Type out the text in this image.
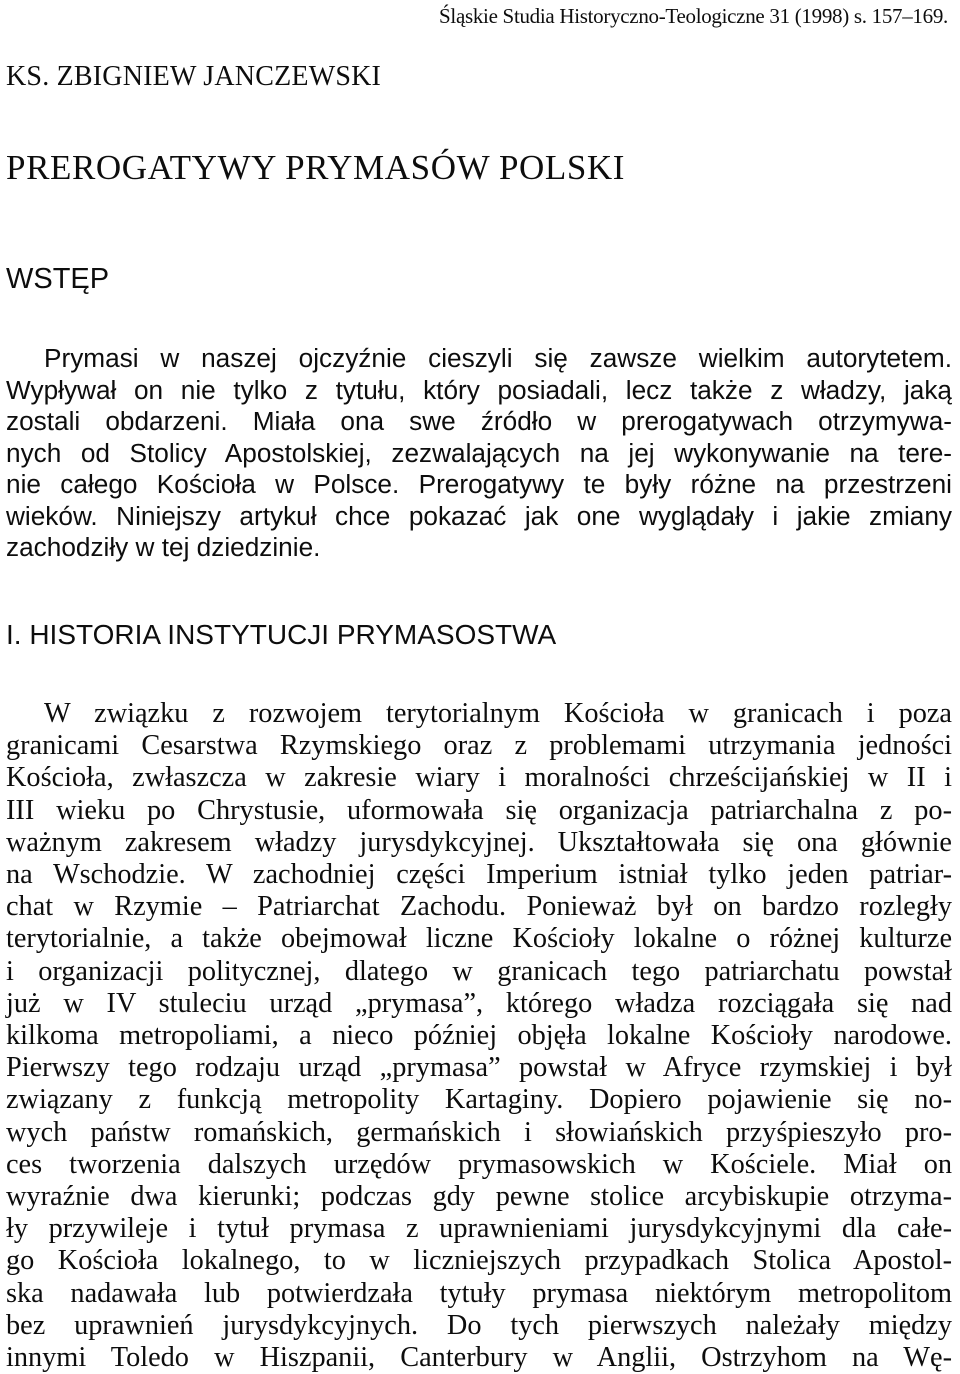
Śląskie Studia Historyczno-Teologiczne 31 (1998) s. 157–169.
KS. ZBIGNIEW JANCZEWSKI
PREROGATYWY PRYMASÓW POLSKI
WSTĘP
Prymasi w naszej ojczyźnie cieszyli się zawsze wielkim autorytetem.
Wypływał on nie tylko z tytułu, który posiadali, lecz także z władzy, jaką
zostali obdarzeni. Miała ona swe źródło w prerogatywach otrzymywa-
nych od Stolicy Apostolskiej, zezwalających na jej wykonywanie na tere-
nie całego Kościoła w Polsce. Prerogatywy te były różne na przestrzeni
wieków. Niniejszy artykuł chce pokazać jak one wyglądały i jakie zmiany
zachodziły w tej dziedzinie.
I. HISTORIA INSTYTUCJI PRYMASOSTWA
W związku z rozwojem terytorialnym Kościoła w granicach i poza
granicami Cesarstwa Rzymskiego oraz z problemami utrzymania jedności
Kościoła, zwłaszcza w zakresie wiary i moralności chrześcijańskiej w II i
III wieku po Chrystusie, uformowała się organizacja patriarchalna z po-
ważnym zakresem władzy jurysdykcyjnej. Ukształtowała się ona głównie
na Wschodzie. W zachodniej części Imperium istniał tylko jeden patriar-
chat w Rzymie – Patriarchat Zachodu. Ponieważ był on bardzo rozległy
terytorialnie, a także obejmował liczne Kościoły lokalne o różnej kulturze
i organizacji politycznej, dlatego w granicach tego patriarchatu powstał
już w IV stuleciu urząd „prymasa”, którego władza rozciągała się nad
kilkoma metropoliami, a nieco później objęła lokalne Kościoły narodowe.
Pierwszy tego rodzaju urząd „prymasa” powstał w Afryce rzymskiej i był
związany z funkcją metropolity Kartaginy. Dopiero pojawienie się no-
wych państw romańskich, germańskich i słowiańskich przyśpieszyło pro-
ces tworzenia dalszych urzędów prymasowskich w Kościele. Miał on
wyraźnie dwa kierunki; podczas gdy pewne stolice arcybiskupie otrzyma-
ły przywileje i tytuł prymasa z uprawnieniami jurysdykcyjnymi dla całe-
go Kościoła lokalnego, to w liczniejszych przypadkach Stolica Apostol-
ska nadawała lub potwierdzała tytuły prymasa niektórym metropolitom
bez uprawnień jurysdykcyjnych. Do tych pierwszych należały między
innymi Toledo w Hiszpanii, Canterbury w Anglii, Ostrzyhom na Wę-
